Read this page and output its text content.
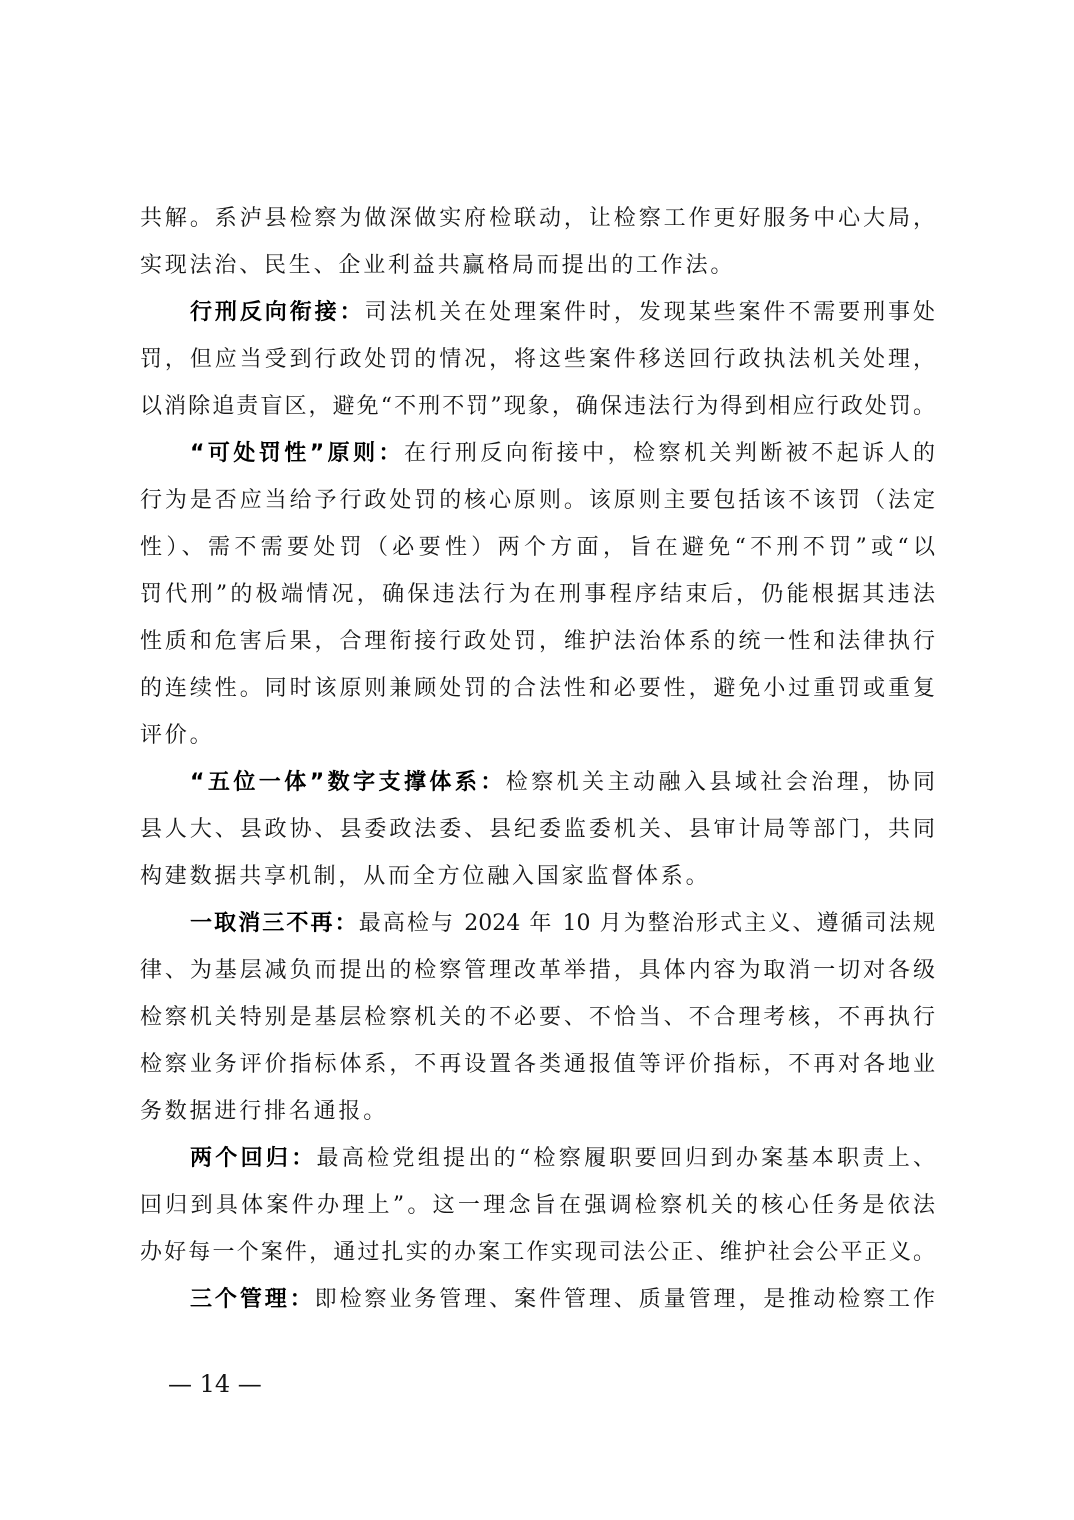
共解。系泸县检察为做深做实府检联动，让检察工作更好服务中心大局，
实现法治、民生、企业利益共赢格局而提出的工作法。
行刑反向衔接：司法机关在处理案件时，发现某些案件不需要刑事处
罚，但应当受到行政处罚的情况，将这些案件移送回行政执法机关处理，
以消除追责盲区，避免“不刑不罚”现象，确保违法行为得到相应行政处罚。
“可处罚性”原则：在行刑反向衔接中，检察机关判断被不起诉人的
行为是否应当给予行政处罚的核心原则。该原则主要包括该不该罚（法定
性）、需不需要处罚（必要性）两个方面，旨在避免“不刑不罚”或“以
罚代刑”的极端情况，确保违法行为在刑事程序结束后，仍能根据其违法
性质和危害后果，合理衔接行政处罚，维护法治体系的统一性和法律执行
的连续性。同时该原则兼顾处罚的合法性和必要性，避免小过重罚或重复
评价。
“五位一体”数字支撑体系：检察机关主动融入县域社会治理，协同
县人大、县政协、县委政法委、县纪委监委机关、县审计局等部门，共同
构建数据共享机制，从而全方位融入国家监督体系。
一取消三不再：最高检与 2024 年 10 月为整治形式主义、遵循司法规
律、为基层减负而提出的检察管理改革举措，具体内容为取消一切对各级
检察机关特别是基层检察机关的不必要、不恰当、不合理考核，不再执行
检察业务评价指标体系，不再设置各类通报值等评价指标，不再对各地业
务数据进行排名通报。
两个回归：最高检党组提出的“检察履职要回归到办案基本职责上、
回归到具体案件办理上”。这一理念旨在强调检察机关的核心任务是依法
办好每一个案件，通过扎实的办案工作实现司法公正、维护社会公平正义。
三个管理：即检察业务管理、案件管理、质量管理，是推动检察工作
— 14 —
